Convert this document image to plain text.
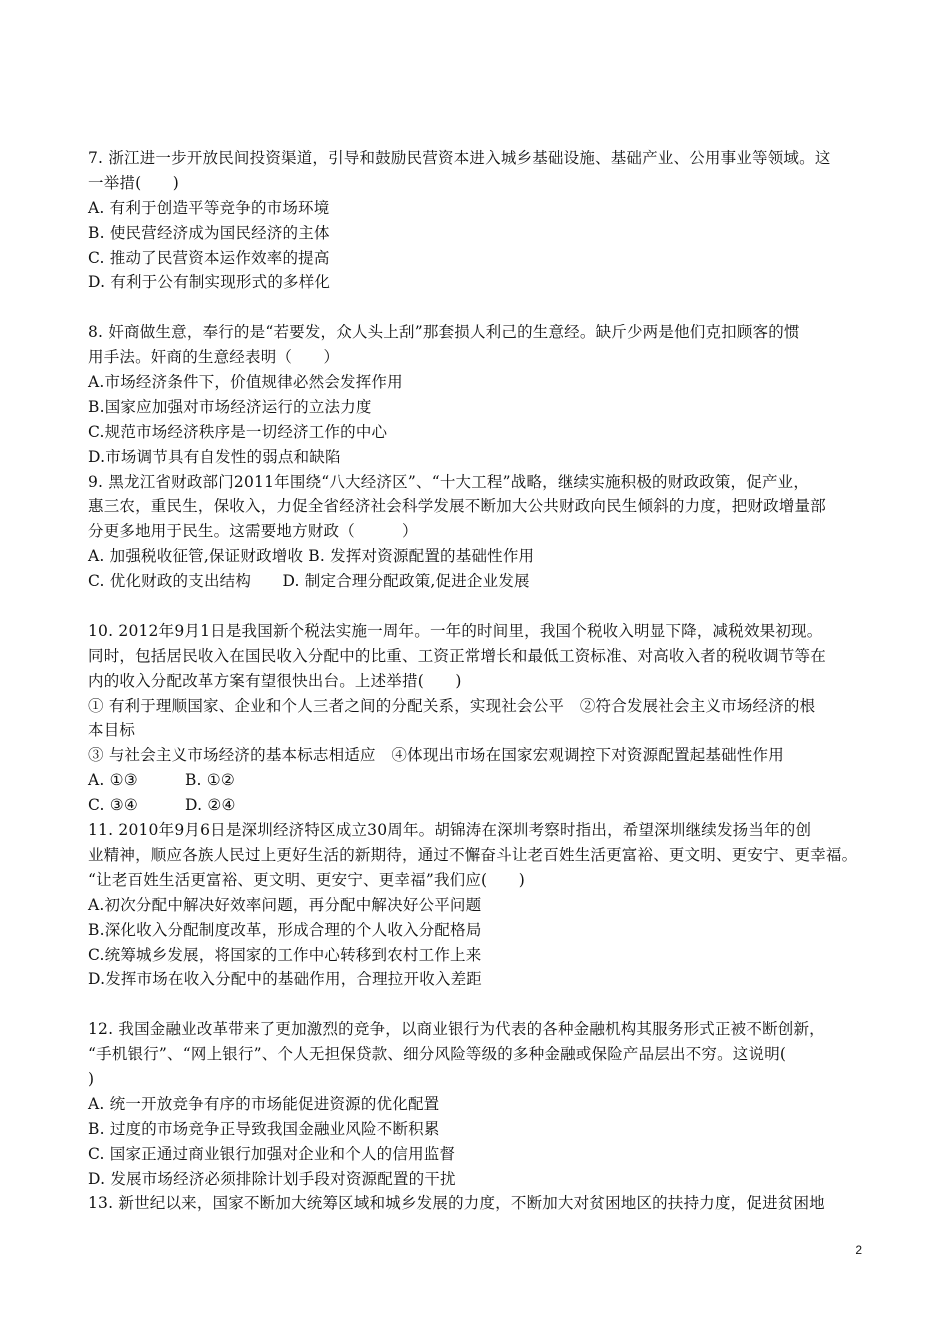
7. 浙江进一步开放民间投资渠道，引导和鼓励民营资本进入城乡基础设施、基础产业、公用事业等领域。这
一举措(　　)
A. 有利于创造平等竞争的市场环境
B. 使民营经济成为国民经济的主体
C. 推动了民营资本运作效率的提高
D. 有利于公有制实现形式的多样化
8. 奸商做生意，奉行的是“若要发，众人头上刮”那套损人利己的生意经。缺斤少两是他们克扣顾客的惯
用手法。奸商的生意经表明（　　）
A.市场经济条件下，价值规律必然会发挥作用
B.国家应加强对市场经济运行的立法力度
C.规范市场经济秩序是一切经济工作的中心
D.市场调节具有自发性的弱点和缺陷
9. 黑龙江省财政部门2011年围绕“八大经济区”、“十大工程”战略，继续实施积极的财政政策，促产业，
惠三农，重民生，保收入，力促全省经济社会科学发展不断加大公共财政向民生倾斜的力度，把财政增量部
分更多地用于民生。这需要地方财政（　　　）
A. 加强税收征管,保证财政增收 B. 发挥对资源配置的基础性作用
C. 优化财政的支出结构　　D. 制定合理分配政策,促进企业发展
10. 2012年9月1日是我国新个税法实施一周年。一年的时间里，我国个税收入明显下降，减税效果初现。
同时，包括居民收入在国民收入分配中的比重、工资正常增长和最低工资标准、对高收入者的税收调节等在
内的收入分配改革方案有望很快出台。上述举措(　　)
① 有利于理顺国家、企业和个人三者之间的分配关系，实现社会公平　②符合发展社会主义市场经济的根
本目标
③ 与社会主义市场经济的基本标志相适应　④体现出市场在国家宏观调控下对资源配置起基础性作用
A. ①③　　　B. ①②
C. ③④　　　D. ②④
11. 2010年9月6日是深圳经济特区成立30周年。胡锦涛在深圳考察时指出，希望深圳继续发扬当年的创
业精神，顺应各族人民过上更好生活的新期待，通过不懈奋斗让老百姓生活更富裕、更文明、更安宁、更幸福。
“让老百姓生活更富裕、更文明、更安宁、更幸福”我们应(　　)
A.初次分配中解决好效率问题，再分配中解决好公平问题
B.深化收入分配制度改革，形成合理的个人收入分配格局
C.统筹城乡发展，将国家的工作中心转移到农村工作上来
D.发挥市场在收入分配中的基础作用，合理拉开收入差距
12. 我国金融业改革带来了更加激烈的竞争，以商业银行为代表的各种金融机构其服务形式正被不断创新，
“手机银行”、“网上银行”、个人无担保贷款、细分风险等级的多种金融或保险产品层出不穷。这说明(
)
A. 统一开放竞争有序的市场能促进资源的优化配置
B. 过度的市场竞争正导致我国金融业风险不断积累
C. 国家正通过商业银行加强对企业和个人的信用监督
D. 发展市场经济必须排除计划手段对资源配置的干扰
13. 新世纪以来，国家不断加大统筹区域和城乡发展的力度，不断加大对贫困地区的扶持力度，促进贫困地
2
